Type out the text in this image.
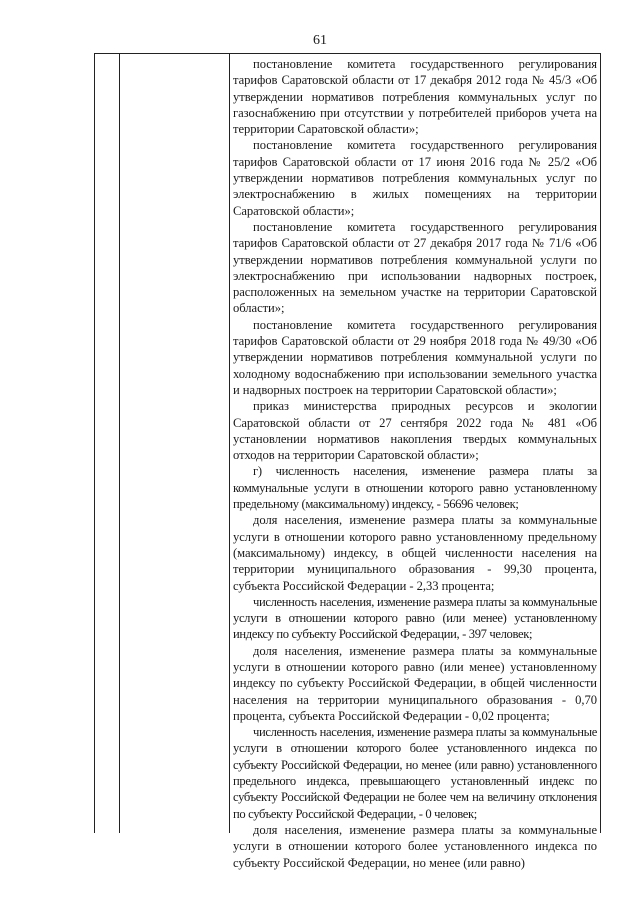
61

постановление комитета государственного регулирования тарифов Саратовской области от 17 декабря 2012 года № 45/3 «Об утверждении нормативов потребления коммунальных услуг по газоснабжению при отсутствии у потребителей приборов учета на территории Саратовской области»;

постановление комитета государственного регулирования тарифов Саратовской области от 17 июня 2016 года № 25/2 «Об утверждении нормативов потребления коммунальных услуг по электроснабжению в жилых помещениях на территории Саратовской области»;

постановление комитета государственного регулирования тарифов Саратовской области от 27 декабря 2017 года № 71/6 «Об утверждении нормативов потребления коммунальной услуги по электроснабжению при использовании надворных построек, расположенных на земельном участке на территории Саратовской области»;

постановление комитета государственного регулирования тарифов Саратовской области от 29 ноября 2018 года № 49/30 «Об утверждении нормативов потребления коммунальной услуги по холодному водоснабжению при использовании земельного участка и надворных построек на территории Саратовской области»;

приказ министерства природных ресурсов и экологии Саратовской области от 27 сентября 2022 года № 481 «Об установлении нормативов накопления твердых коммунальных отходов на территории Саратовской области»;

г) численность населения, изменение размера платы за коммунальные услуги в отношении которого равно установленному предельному (максимальному) индексу, - 56696 человек;

доля населения, изменение размера платы за коммунальные услуги в отношении которого равно установленному предельному (максимальному) индексу, в общей численности населения на территории муниципального образования - 99,30 процента, субъекта Российской Федерации - 2,33 процента;

численность населения, изменение размера платы за коммунальные услуги в отношении которого равно (или менее) установленному индексу по субъекту Российской Федерации, - 397 человек;

доля населения, изменение размера платы за коммунальные услуги в отношении которого равно (или менее) установленному индексу по субъекту Российской Федерации, в общей численности населения на территории муниципального образования - 0,70 процента, субъекта Российской Федерации - 0,02 процента;

численность населения, изменение размера платы за коммунальные услуги в отношении которого более установленного индекса по субъекту Российской Федерации, но менее (или равно) установленного предельного индекса, превышающего установленный индекс по субъекту Российской Федерации не более чем на величину отклонения по субъекту Российской Федерации, - 0 человек;

доля населения, изменение размера платы за коммунальные услуги в отношении которого более установленного индекса по субъекту Российской Федерации, но менее (или равно)
